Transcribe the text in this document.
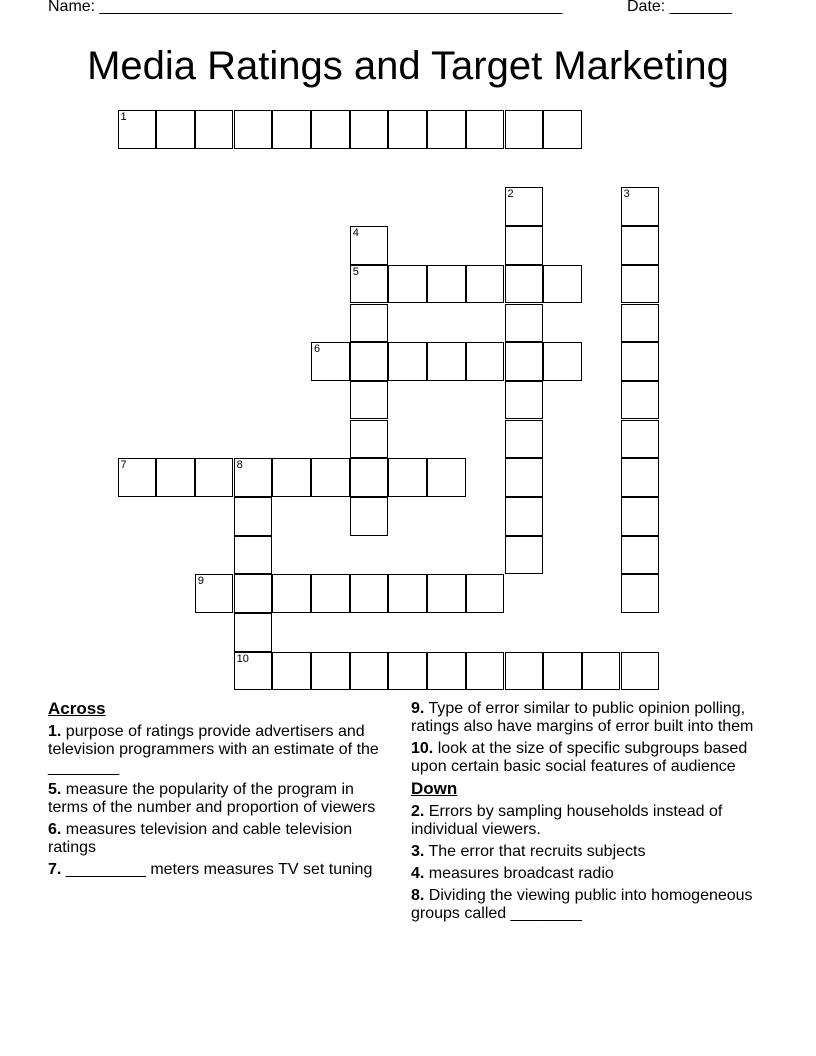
Name: ____________________________________________________	Date: _______
Media Ratings and Target Marketing
1
2	3
4
5
6
7	8
10
9
Across
1. purpose of ratings provide advertisers and television programmers with an estimate of the ________
5. measure the popularity of the program in terms of the number and proportion of viewers
6. measures television and cable television ratings
7. _________ meters measures TV set tuning
9. Type of error similar to public opinion polling, ratings also have margins of error built into them
10. look at the size of specific subgroups based upon certain basic social features of audience
Down
2. Errors by sampling households instead of individual viewers.
3. The error that recruits subjects
4. measures broadcast radio
8. Dividing the viewing public into homogeneous groups called ________
